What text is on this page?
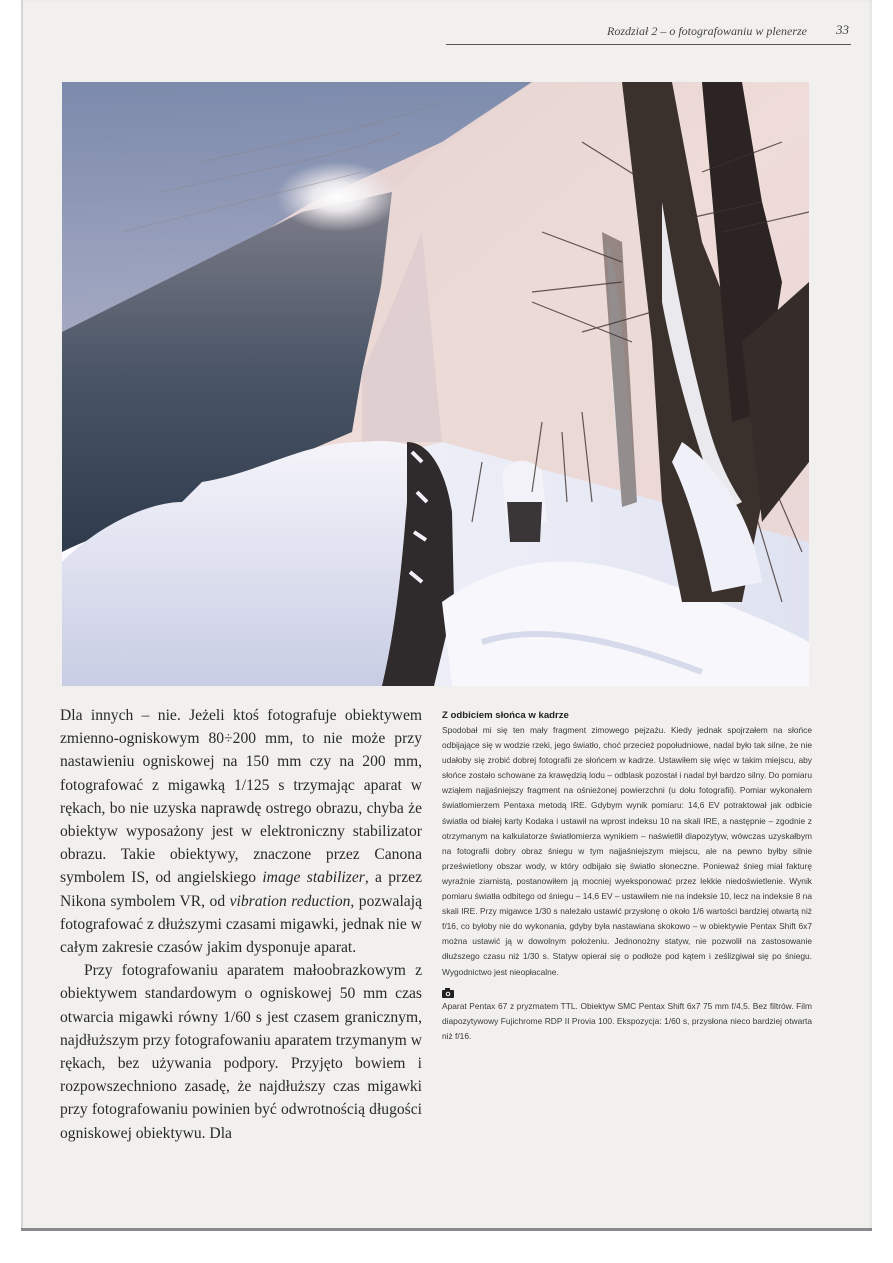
Rozdział 2 – o fotografowaniu w plenerze 33

Dla innych – nie. Jeżeli ktoś fotografuje obiektywem zmienno-ogniskowym 80÷200 mm, to nie może przy nastawieniu ogniskowej na 150 mm czy na 200 mm, fotografować z migawką 1/125 s trzymając aparat w rękach, bo nie uzyska naprawdę ostrego obrazu, chyba że obiektyw wyposażony jest w elektroniczny stabilizator obrazu. Takie obiektywy, znaczone przez Canona symbolem IS, od angielskiego image stabilizer, a przez Nikona symbolem VR, od vibration reduction, pozwalają fotografować z dłuższymi czasami migawki, jednak nie w całym zakresie czasów jakim dysponuje aparat.

Przy fotografowaniu aparatem małoobrazkowym z obiektywem standardowym o ogniskowej 50 mm czas otwarcia migawki równy 1/60 s jest czasem granicznym, najdłuższym przy fotografowaniu aparatem trzymanym w rękach, bez używania podpory. Przyjęto bowiem i rozpowszechniono zasadę, że najdłuższy czas migawki przy fotografowaniu powinien być odwrotnością długości ogniskowej obiektywu. Dla

Z odbiciem słońca w kadrze

Spodobał mi się ten mały fragment zimowego pejzażu. Kiedy jednak spojrzałem na słońce odbijające się w wodzie rzeki, jego światło, choć przecież popołudniowe, nadal było tak silne, że nie udałoby się zrobić dobrej fotografii ze słońcem w kadrze. Ustawiłem się więc w takim miejscu, aby słońce zostało schowane za krawędzią lodu – odblask pozostał i nadal był bardzo silny. Do pomiaru wziąłem najjaśniejszy fragment na ośnieżonej powierzchni (u dołu fotografii). Pomiar wykonałem światłomierzem Pentaxa metodą IRE. Gdybym wynik pomiaru: 14,6 EV potraktował jak odbicie światła od białej karty Kodaka i ustawił na wprost indeksu 10 na skali IRE, a następnie – zgodnie z otrzymanym na kalkulatorze światłomierza wynikiem – naświetlił diapozytyw, wówczas uzyskałbym na fotografii dobry obraz śniegu w tym najjaśniejszym miejscu, ale na pewno byłby silnie prześwietlony obszar wody, w który odbijało się światło słoneczne. Ponieważ śnieg miał fakturę wyraźnie ziarnistą, postanowiłem ją mocniej wyeksponować przez lekkie niedoświetlenie. Wynik pomiaru światła odbitego od śniegu – 14,6 EV – ustawiłem nie na indeksie 10, lecz na indeksie 8 na skali IRE. Przy migawce 1/30 s należało ustawić przysłonę o około 1/6 wartości bardziej otwartą niż f/16, co byłoby nie do wykonania, gdyby była nastawiana skokowo – w obiektywie Pentax Shift 6x7 można ustawić ją w dowolnym położeniu. Jednonożny statyw, nie pozwolił na zastosowanie dłuższego czasu niż 1/30 s. Statyw opierał się o podłoże pod kątem i ześlizgiwał się po śniegu. Wygodnictwo jest nieopłacalne.

Aparat Pentax 67 z pryzmatem TTL. Obiektyw SMC Pentax Shift 6x7 75 mm f/4,5. Bez filtrów. Film diapozytywowy Fujichrome RDP II Provia 100. Ekspozycja: 1/60 s, przysłona nieco bardziej otwarta niż f/16.
